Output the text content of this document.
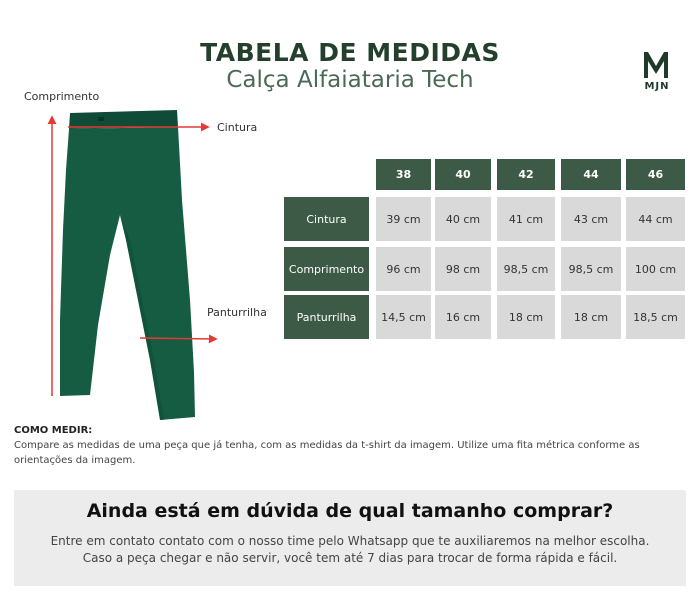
TABELA DE MEDIDAS
Calça Alfaiataria Tech	MJN
Comprimento
Cintura
Panturrilha
38	40	42	44	46
Cintura	39 cm	40 cm	41 cm	43 cm	44 cm
Comprimento	96 cm	98 cm	98,5 cm	98,5 cm	100 cm
Panturrilha	14,5 cm	16 cm	18 cm	18 cm	18,5 cm
COMO MEDIR:
Compare as medidas de uma peça que já tenha, com as medidas da t-shirt da imagem. Utilize uma fita métrica conforme as orientações da imagem.
Ainda está em dúvida de qual tamanho comprar?
Entre em contato contato com o nosso time pelo Whatsapp que te auxiliaremos na melhor escolha.
Caso a peça chegar e não servir, você tem até 7 dias para trocar de forma rápida e fácil.
